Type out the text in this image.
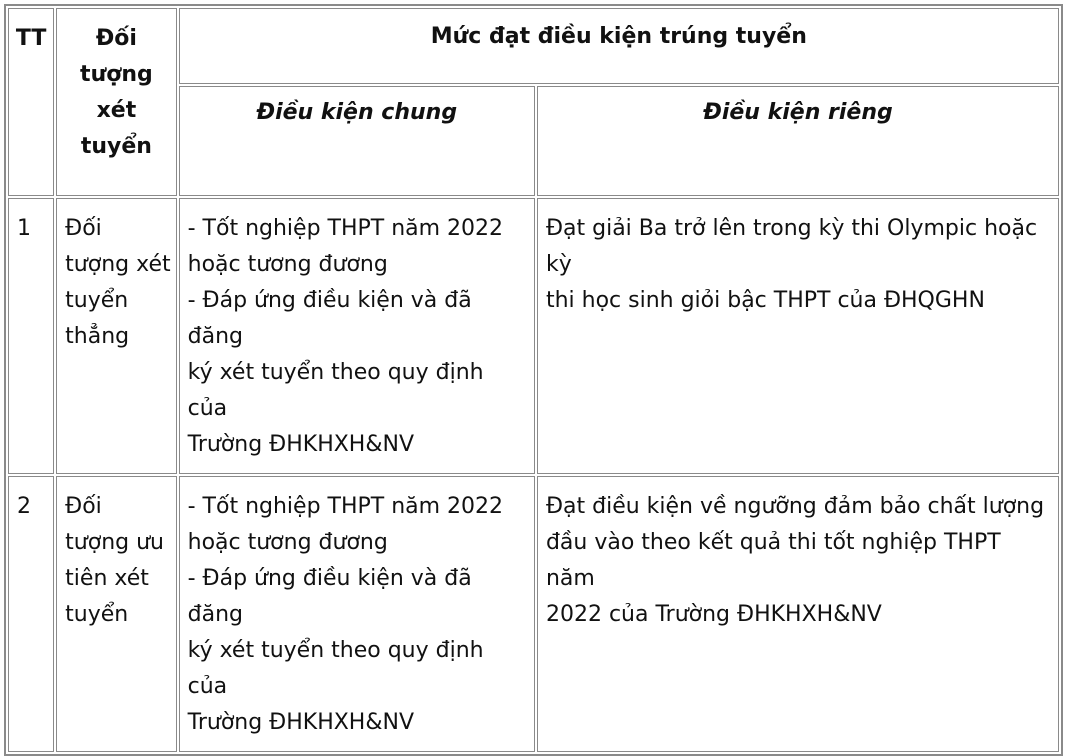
TT	Đối
tượng
xét
tuyển	Mức đạt điều kiện trúng tuyển	
		Điều kiện chung	Điều kiện riêng
1	Đối
tượng xét
tuyển
thẳng	- Tốt nghiệp THPT năm 2022
hoặc tương đương
- Đáp ứng điều kiện và đã đăng
ký xét tuyển theo quy định của
Trường ĐHKHXH&NV	Đạt giải Ba trở lên trong kỳ thi Olympic hoặc kỳ
thi học sinh giỏi bậc THPT của ĐHQGHN

2	Đối
tượng ưu
tiên xét
tuyển	- Tốt nghiệp THPT năm 2022
hoặc tương đương
- Đáp ứng điều kiện và đã đăng
ký xét tuyển theo quy định của
Trường ĐHKHXH&NV	Đạt điều kiện về ngưỡng đảm bảo chất lượng
đầu vào theo kết quả thi tốt nghiệp THPT năm
2022 của Trường ĐHKHXH&NV
